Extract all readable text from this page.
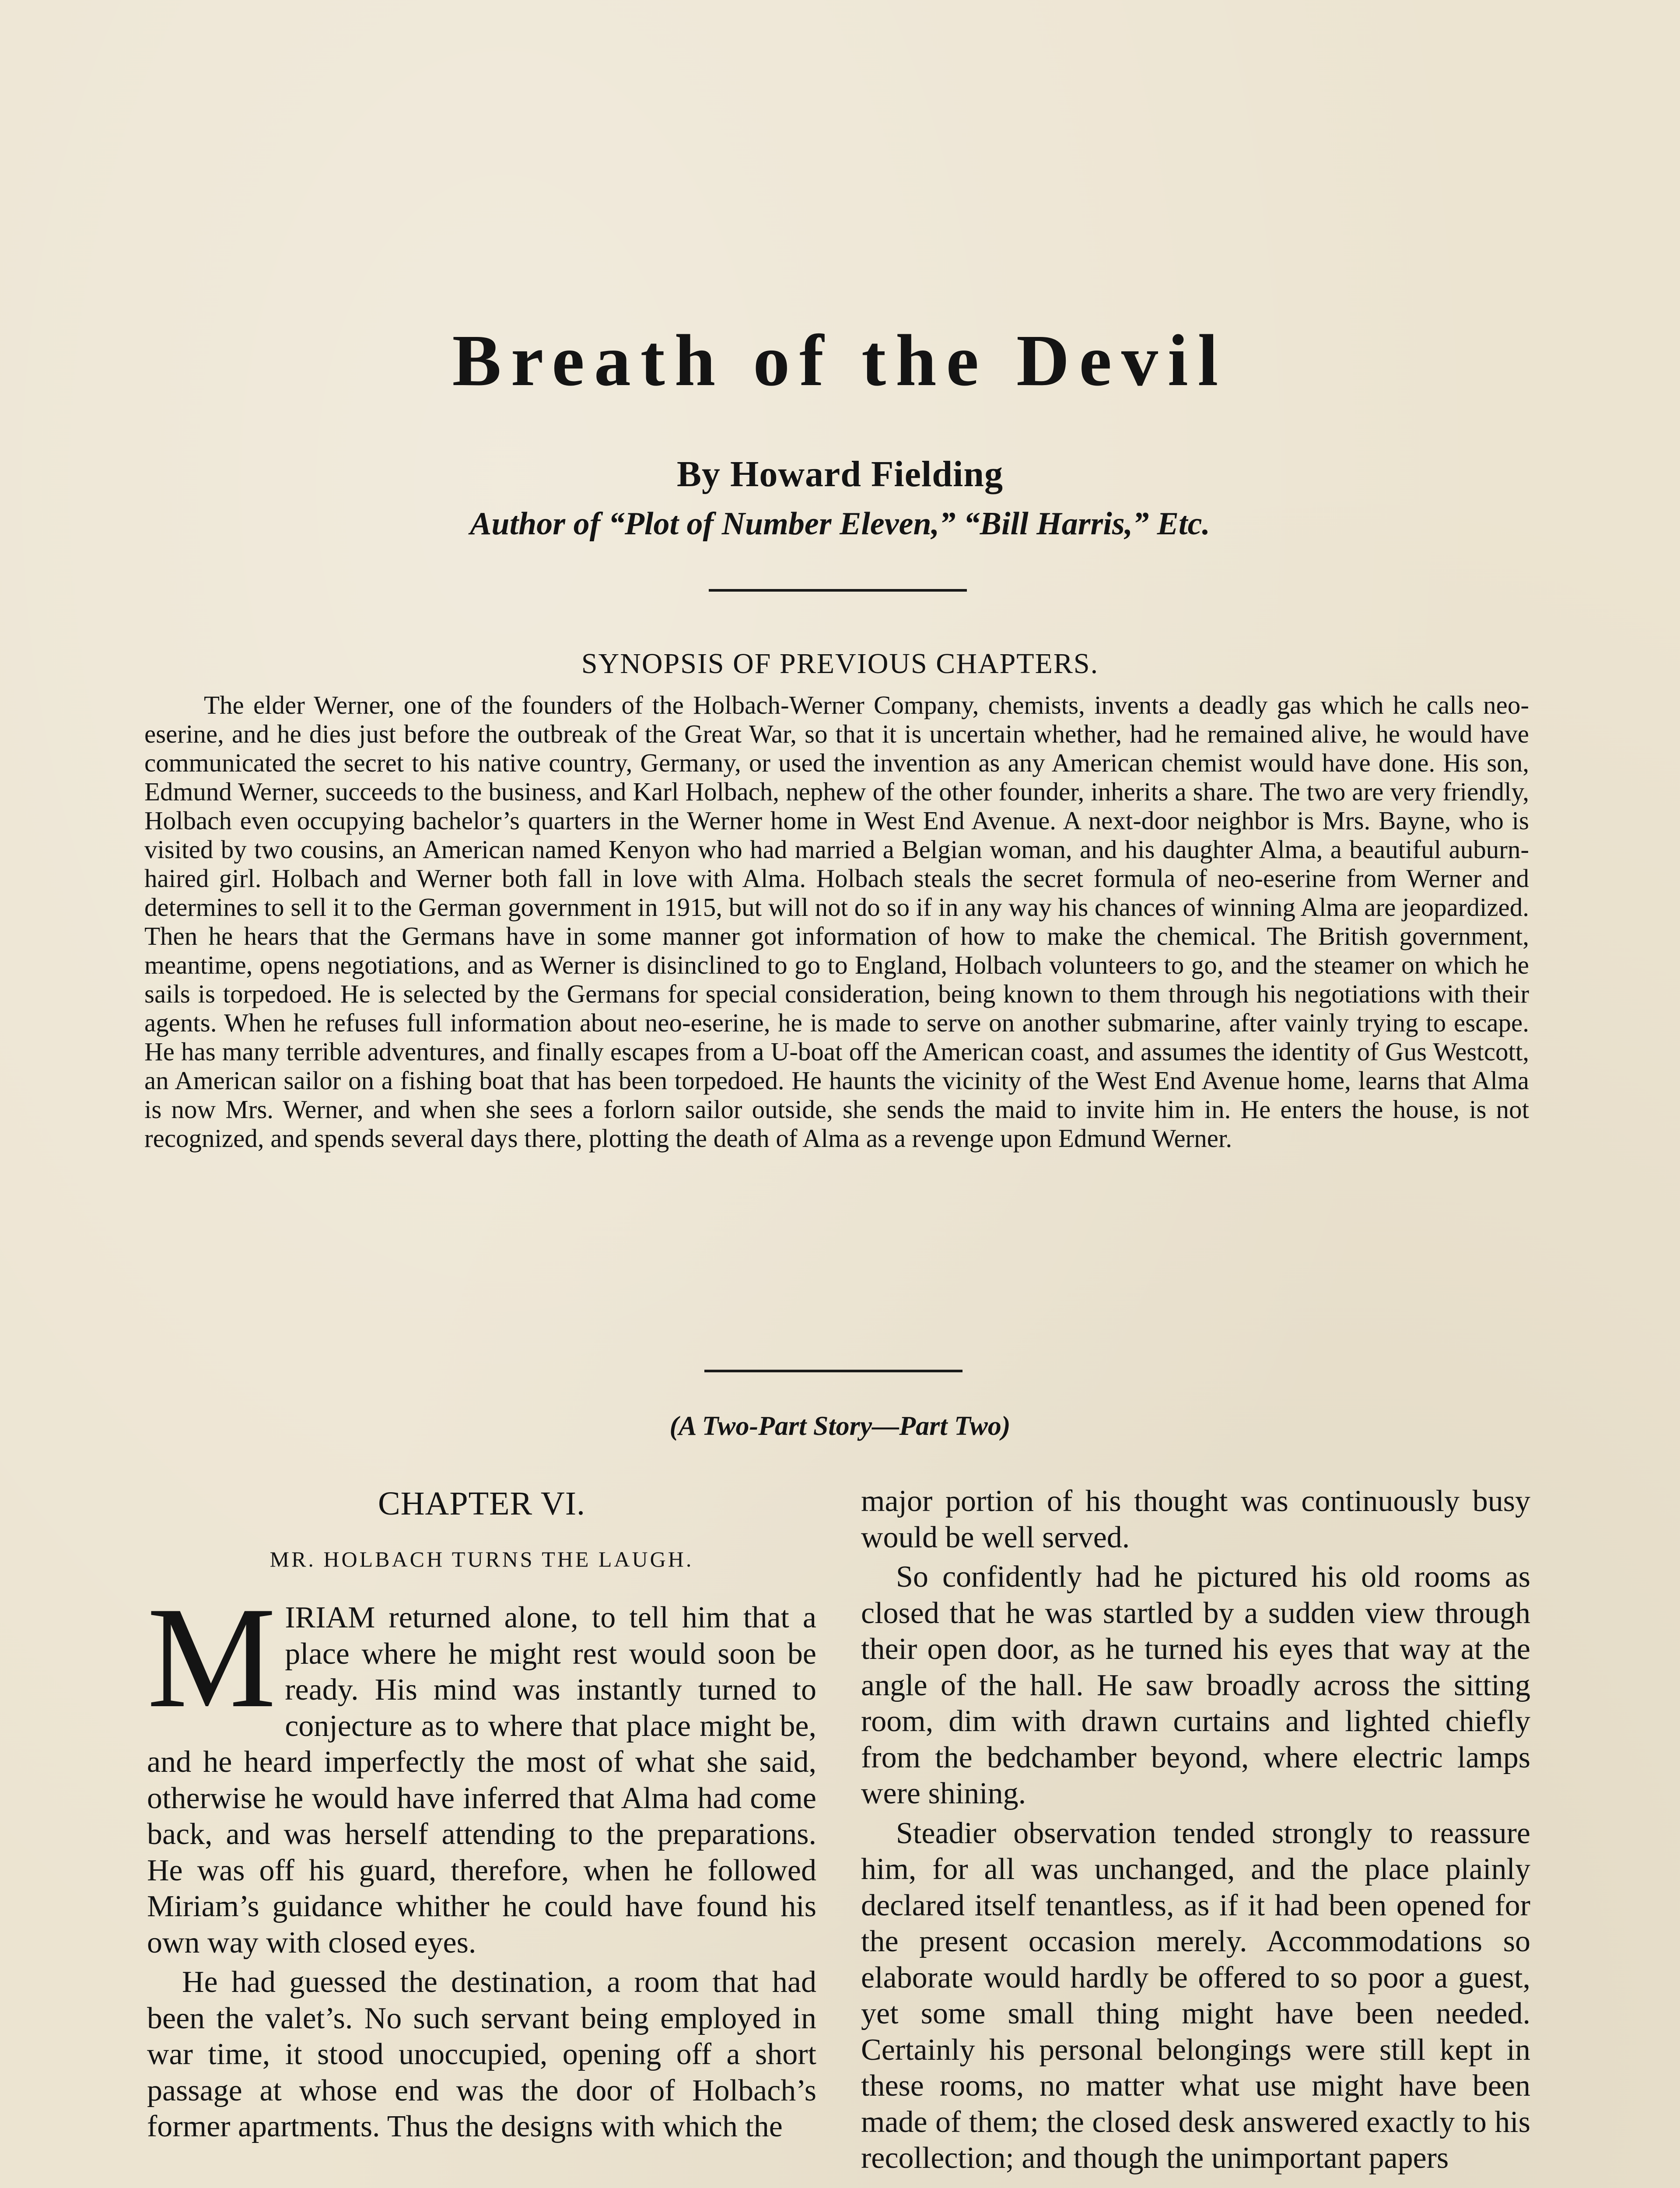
Breath of the Devil
By Howard Fielding
Author of “Plot of Number Eleven,” “Bill Harris,” Etc.
SYNOPSIS OF PREVIOUS CHAPTERS.

The elder Werner, one of the founders of the Holbach-Werner Company, chemists, invents a deadly gas which he calls neo-eserine, and he dies just before the outbreak of the Great War, so that it is uncertain whether, had he remained alive, he would have communicated the secret to his native country, Germany, or used the invention as any American chemist would have done. His son, Edmund Werner, succeeds to the business, and Karl Holbach, nephew of the other founder, inherits a share. The two are very friendly, Holbach even occupying bachelor’s quarters in the Werner home in West End Avenue. A next-door neighbor is Mrs. Bayne, who is visited by two cousins, an American named Kenyon who had married a Belgian woman, and his daughter Alma, a beautiful auburn-haired girl. Holbach and Werner both fall in love with Alma. Holbach steals the secret formula of neo-eserine from Werner and determines to sell it to the German government in 1915, but will not do so if in any way his chances of winning Alma are jeopardized. Then he hears that the Germans have in some manner got information of how to make the chemical. The British government, meantime, opens negotiations, and as Werner is disinclined to go to England, Holbach volunteers to go, and the steamer on which he sails is torpedoed. He is selected by the Germans for special consideration, being known to them through his negotiations with their agents. When he refuses full information about neo-eserine, he is made to serve on another submarine, after vainly trying to escape. He has many terrible adventures, and finally escapes from a U-boat off the American coast, and assumes the identity of Gus Westcott, an American sailor on a fishing boat that has been torpedoed. He haunts the vicinity of the West End Avenue home, learns that Alma is now Mrs. Werner, and when she sees a forlorn sailor outside, she sends the maid to invite him in. He enters the house, is not recognized, and spends several days there, plotting the death of Alma as a revenge upon Edmund Werner.

(A Two-Part Story—Part Two)
CHAPTER VI.
MR. HOLBACH TURNS THE LAUGH.

MIRIAM returned alone, to tell him that a place where he might rest would soon be ready. His mind was instantly turned to conjecture as to where that place might be, and he heard imperfectly the most of what she said, otherwise he would have inferred that Alma had come back, and was herself attending to the preparations. He was off his guard, therefore, when he followed Miriam’s guidance whither he could have found his own way with closed eyes.

He had guessed the destination, a room that had been the valet’s. No such servant being employed in war time, it stood unoccupied, opening off a short passage at whose end was the door of Holbach’s former apartments. Thus the designs with which the

major portion of his thought was continuously busy would be well served.

So confidently had he pictured his old rooms as closed that he was startled by a sudden view through their open door, as he turned his eyes that way at the angle of the hall. He saw broadly across the sitting room, dim with drawn curtains and lighted chiefly from the bedchamber beyond, where electric lamps were shining.

Steadier observation tended strongly to reassure him, for all was unchanged, and the place plainly declared itself tenantless, as if it had been opened for the present occasion merely. Accommodations so elaborate would hardly be offered to so poor a guest, yet some small thing might have been needed. Certainly his personal belongings were still kept in these rooms, no matter what use might have been made of them; the closed desk answered exactly to his recollection; and though the unimportant papers
